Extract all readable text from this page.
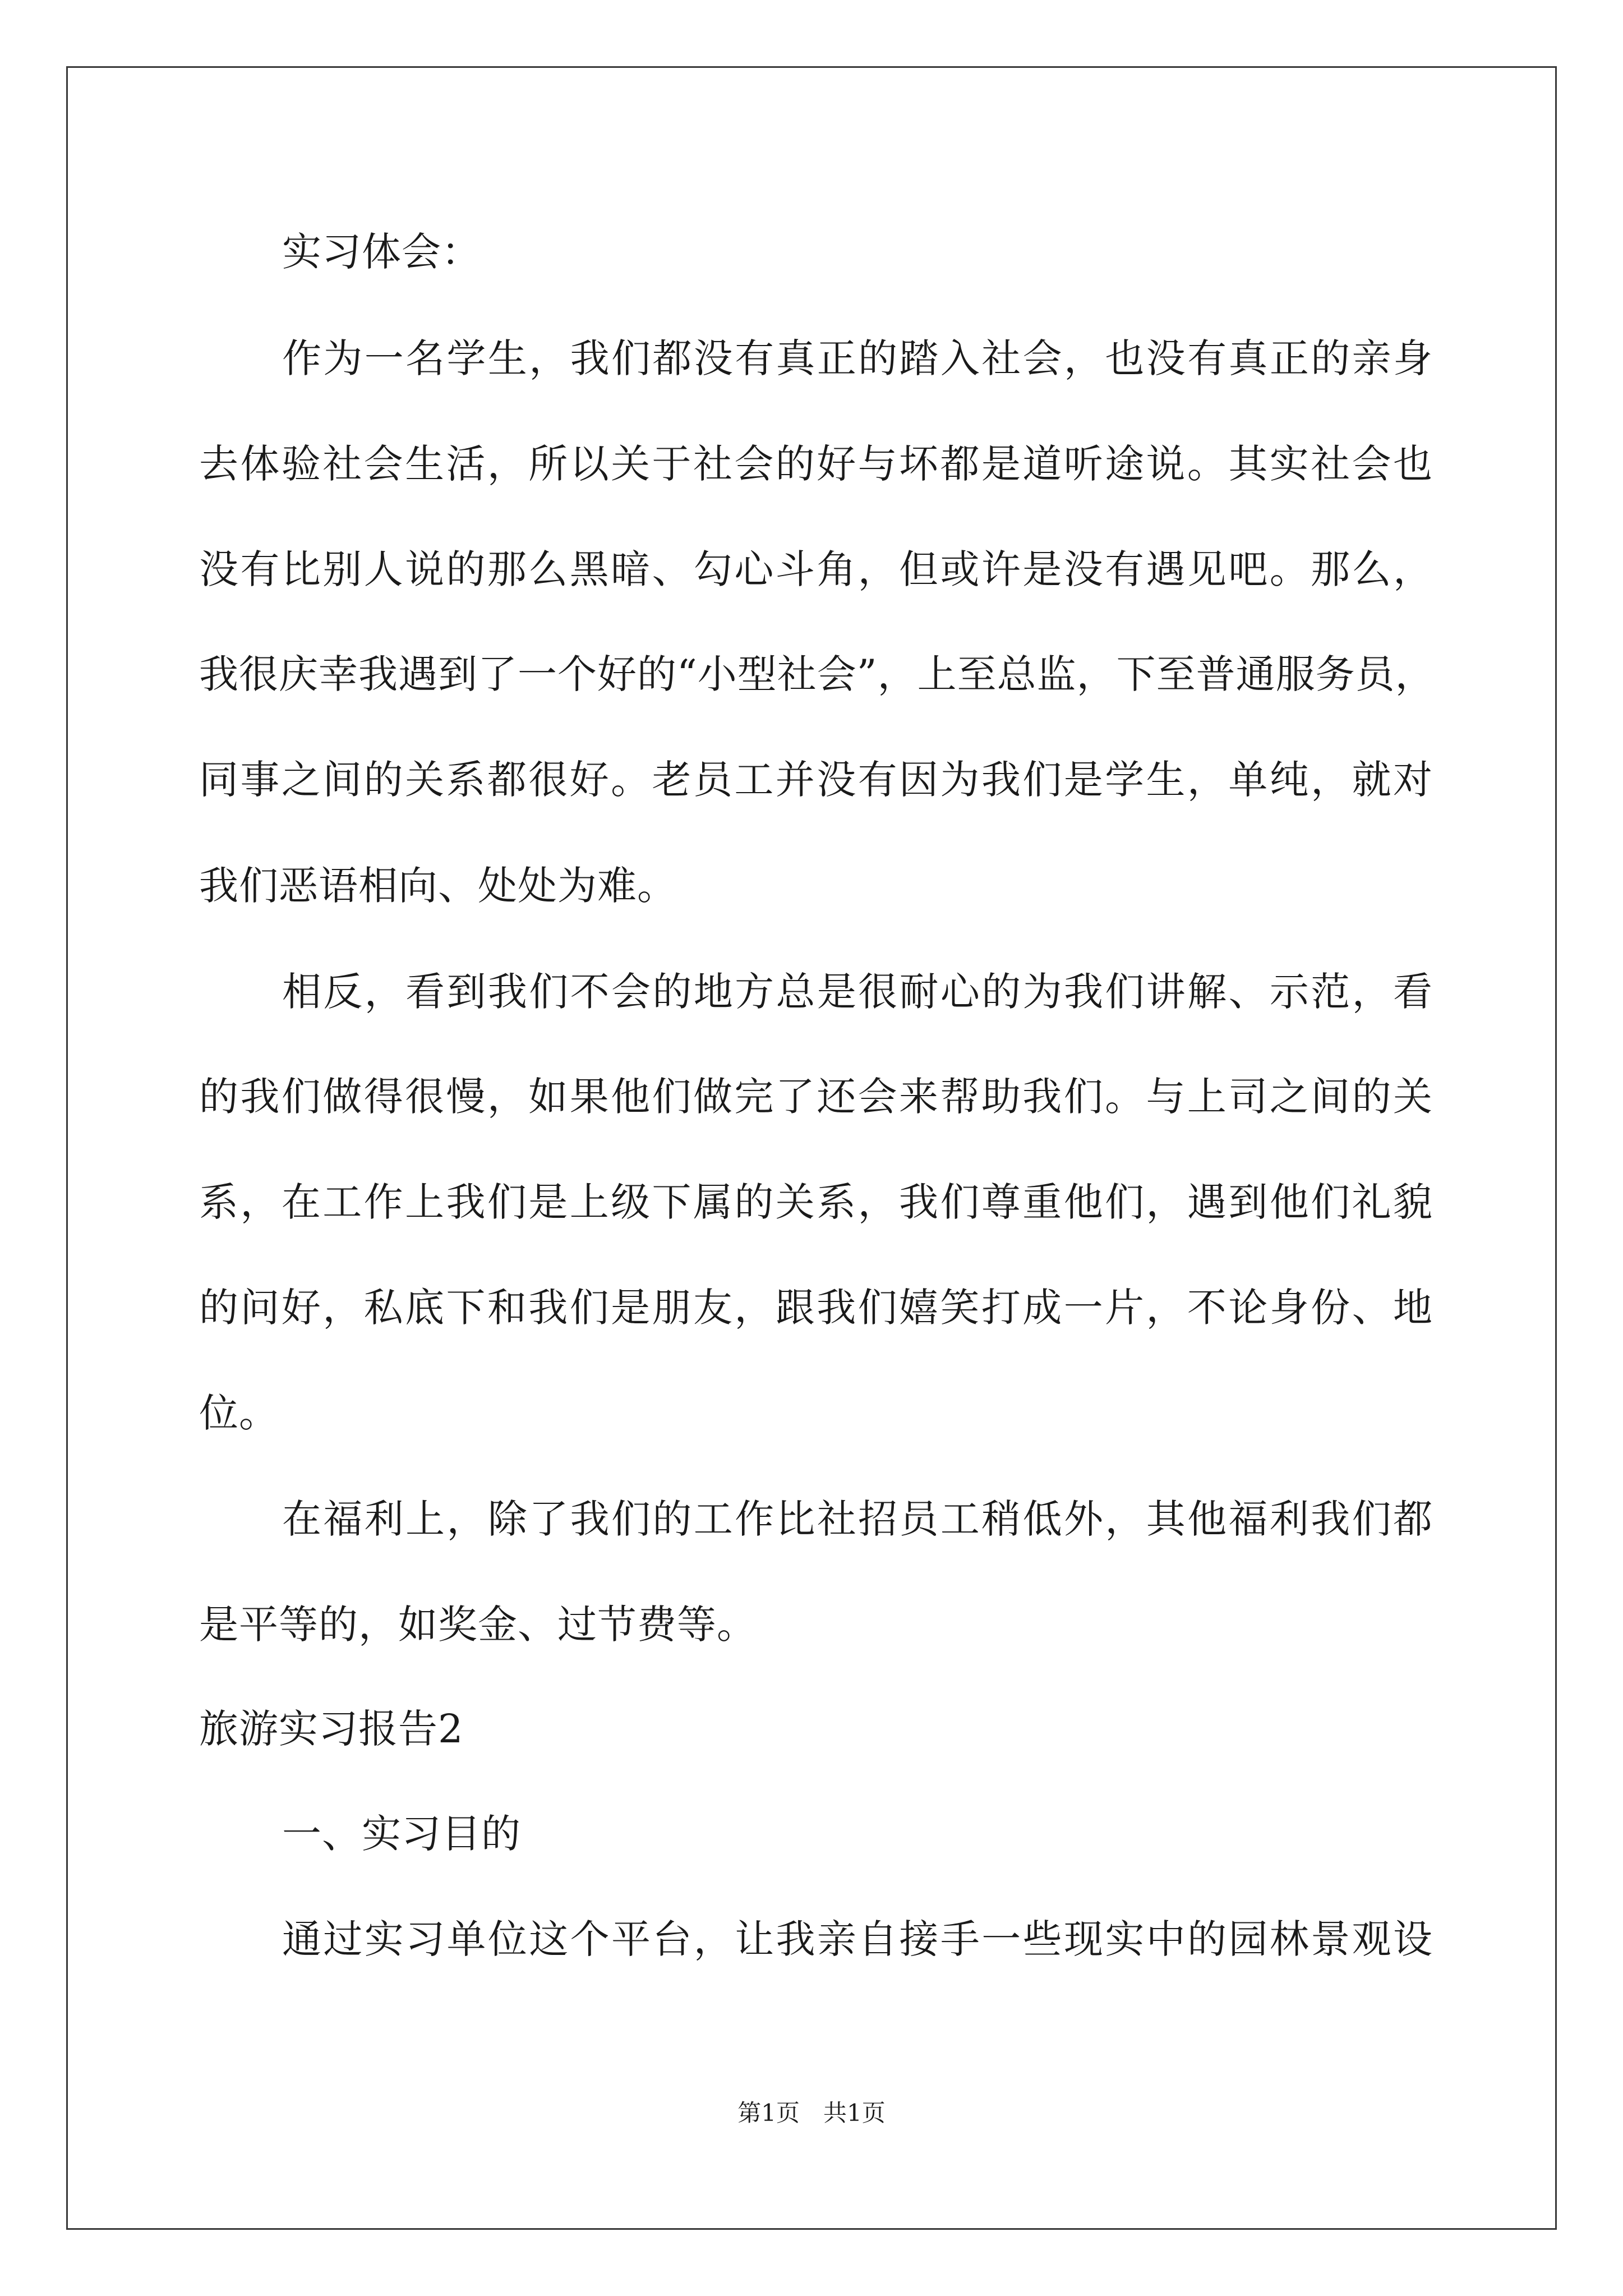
实习体会：
作为一名学生，我们都没有真正的踏入社会，也没有真正的亲身
去体验社会生活，所以关于社会的好与坏都是道听途说。其实社会也
没有比别人说的那么黑暗、勾心斗角，但或许是没有遇见吧。那么，
我很庆幸我遇到了一个好的“小型社会”，上至总监，下至普通服务员，
同事之间的关系都很好。老员工并没有因为我们是学生，单纯，就对
我们恶语相向、处处为难。
相反，看到我们不会的地方总是很耐心的为我们讲解、示范，看
的我们做得很慢，如果他们做完了还会来帮助我们。与上司之间的关
系，在工作上我们是上级下属的关系，我们尊重他们，遇到他们礼貌
的问好，私底下和我们是朋友，跟我们嬉笑打成一片，不论身份、地
位。
在福利上，除了我们的工作比社招员工稍低外，其他福利我们都
是平等的，如奖金、过节费等。
旅游实习报告2
一、实习目的
通过实习单位这个平台，让我亲自接手一些现实中的园林景观设
第1页　共1页
